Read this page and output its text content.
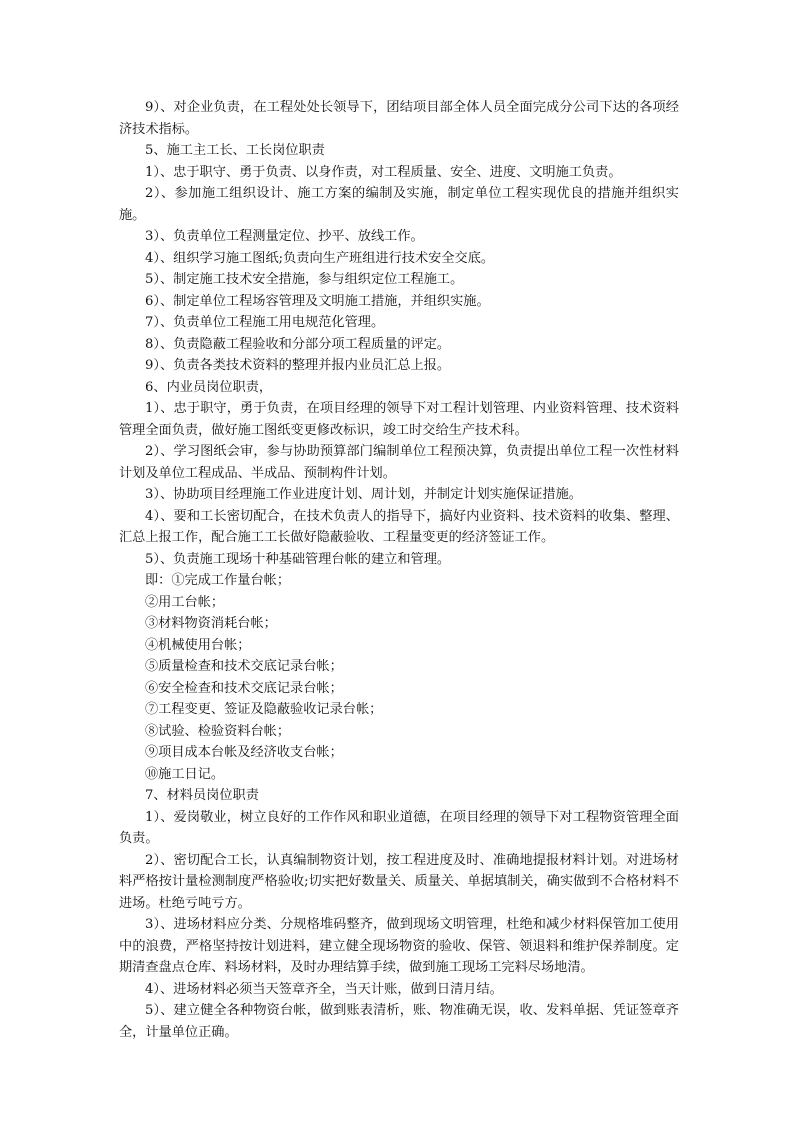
9）、对企业负责，在工程处处长领导下，团结项目部全体人员全面完成分公司下达的各项经济技术指标。

5、施工主工长、工长岗位职责

1）、忠于职守、勇于负责、以身作责，对工程质量、安全、进度、文明施工负责。

2）、参加施工组织设计、施工方案的编制及实施，制定单位工程实现优良的措施并组织实施。

3）、负责单位工程测量定位、抄平、放线工作。

4）、组织学习施工图纸;负责向生产班组进行技术安全交底。

5）、制定施工技术安全措施，参与组织定位工程施工。

6）、制定单位工程场容管理及文明施工措施，并组织实施。

7）、负责单位工程施工用电规范化管理。

8）、负责隐蔽工程验收和分部分项工程质量的评定。

9）、负责各类技术资料的整理并报内业员汇总上报。

6、内业员岗位职责，

1）、忠于职守，勇于负责，在项目经理的领导下对工程计划管理、内业资料管理、技术资料管理全面负责，做好施工图纸变更修改标识，竣工时交给生产技术科。

2）、学习图纸会审，参与协助预算部门编制单位工程预决算，负责提出单位工程一次性材料计划及单位工程成品、半成品、预制构件计划。

3）、协助项目经理施工作业进度计划、周计划，并制定计划实施保证措施。

4）、要和工长密切配合，在技术负责人的指导下，搞好内业资料、技术资料的收集、整理、汇总上报工作，配合施工工长做好隐蔽验收、工程量变更的经济签证工作。

5）、负责施工现场十种基础管理台帐的建立和管理。

即：①完成工作量台帐；

②用工台帐；

③材料物资消耗台帐；

④机械使用台帐；

⑤质量检查和技术交底记录台帐；

⑥安全检查和技术交底记录台帐；

⑦工程变更、签证及隐蔽验收记录台帐；

⑧试验、检验资料台帐；

⑨项目成本台帐及经济收支台帐；

⑩施工日记。

7、材料员岗位职责

1）、爱岗敬业，树立良好的工作作风和职业道德，在项目经理的领导下对工程物资管理全面负责。

2）、密切配合工长，认真编制物资计划，按工程进度及时、准确地提报材料计划。对进场材料严格按计量检测制度严格验收;切实把好数量关、质量关、单据填制关，确实做到不合格材料不进场。杜绝亏吨亏方。

3）、进场材料应分类、分规格堆码整齐，做到现场文明管理，杜绝和减少材料保管加工使用中的浪费，严格坚持按计划进料，建立健全现场物资的验收、保管、领退料和维护保养制度。定期清查盘点仓库、料场材料，及时办理结算手续，做到施工现场工完料尽场地清。

4）、进场材料必须当天签章齐全，当天计账，做到日清月结。

5）、建立健全各种物资台帐，做到账表清析，账、物准确无误，收、发料单据、凭证签章齐全，计量单位正确。
